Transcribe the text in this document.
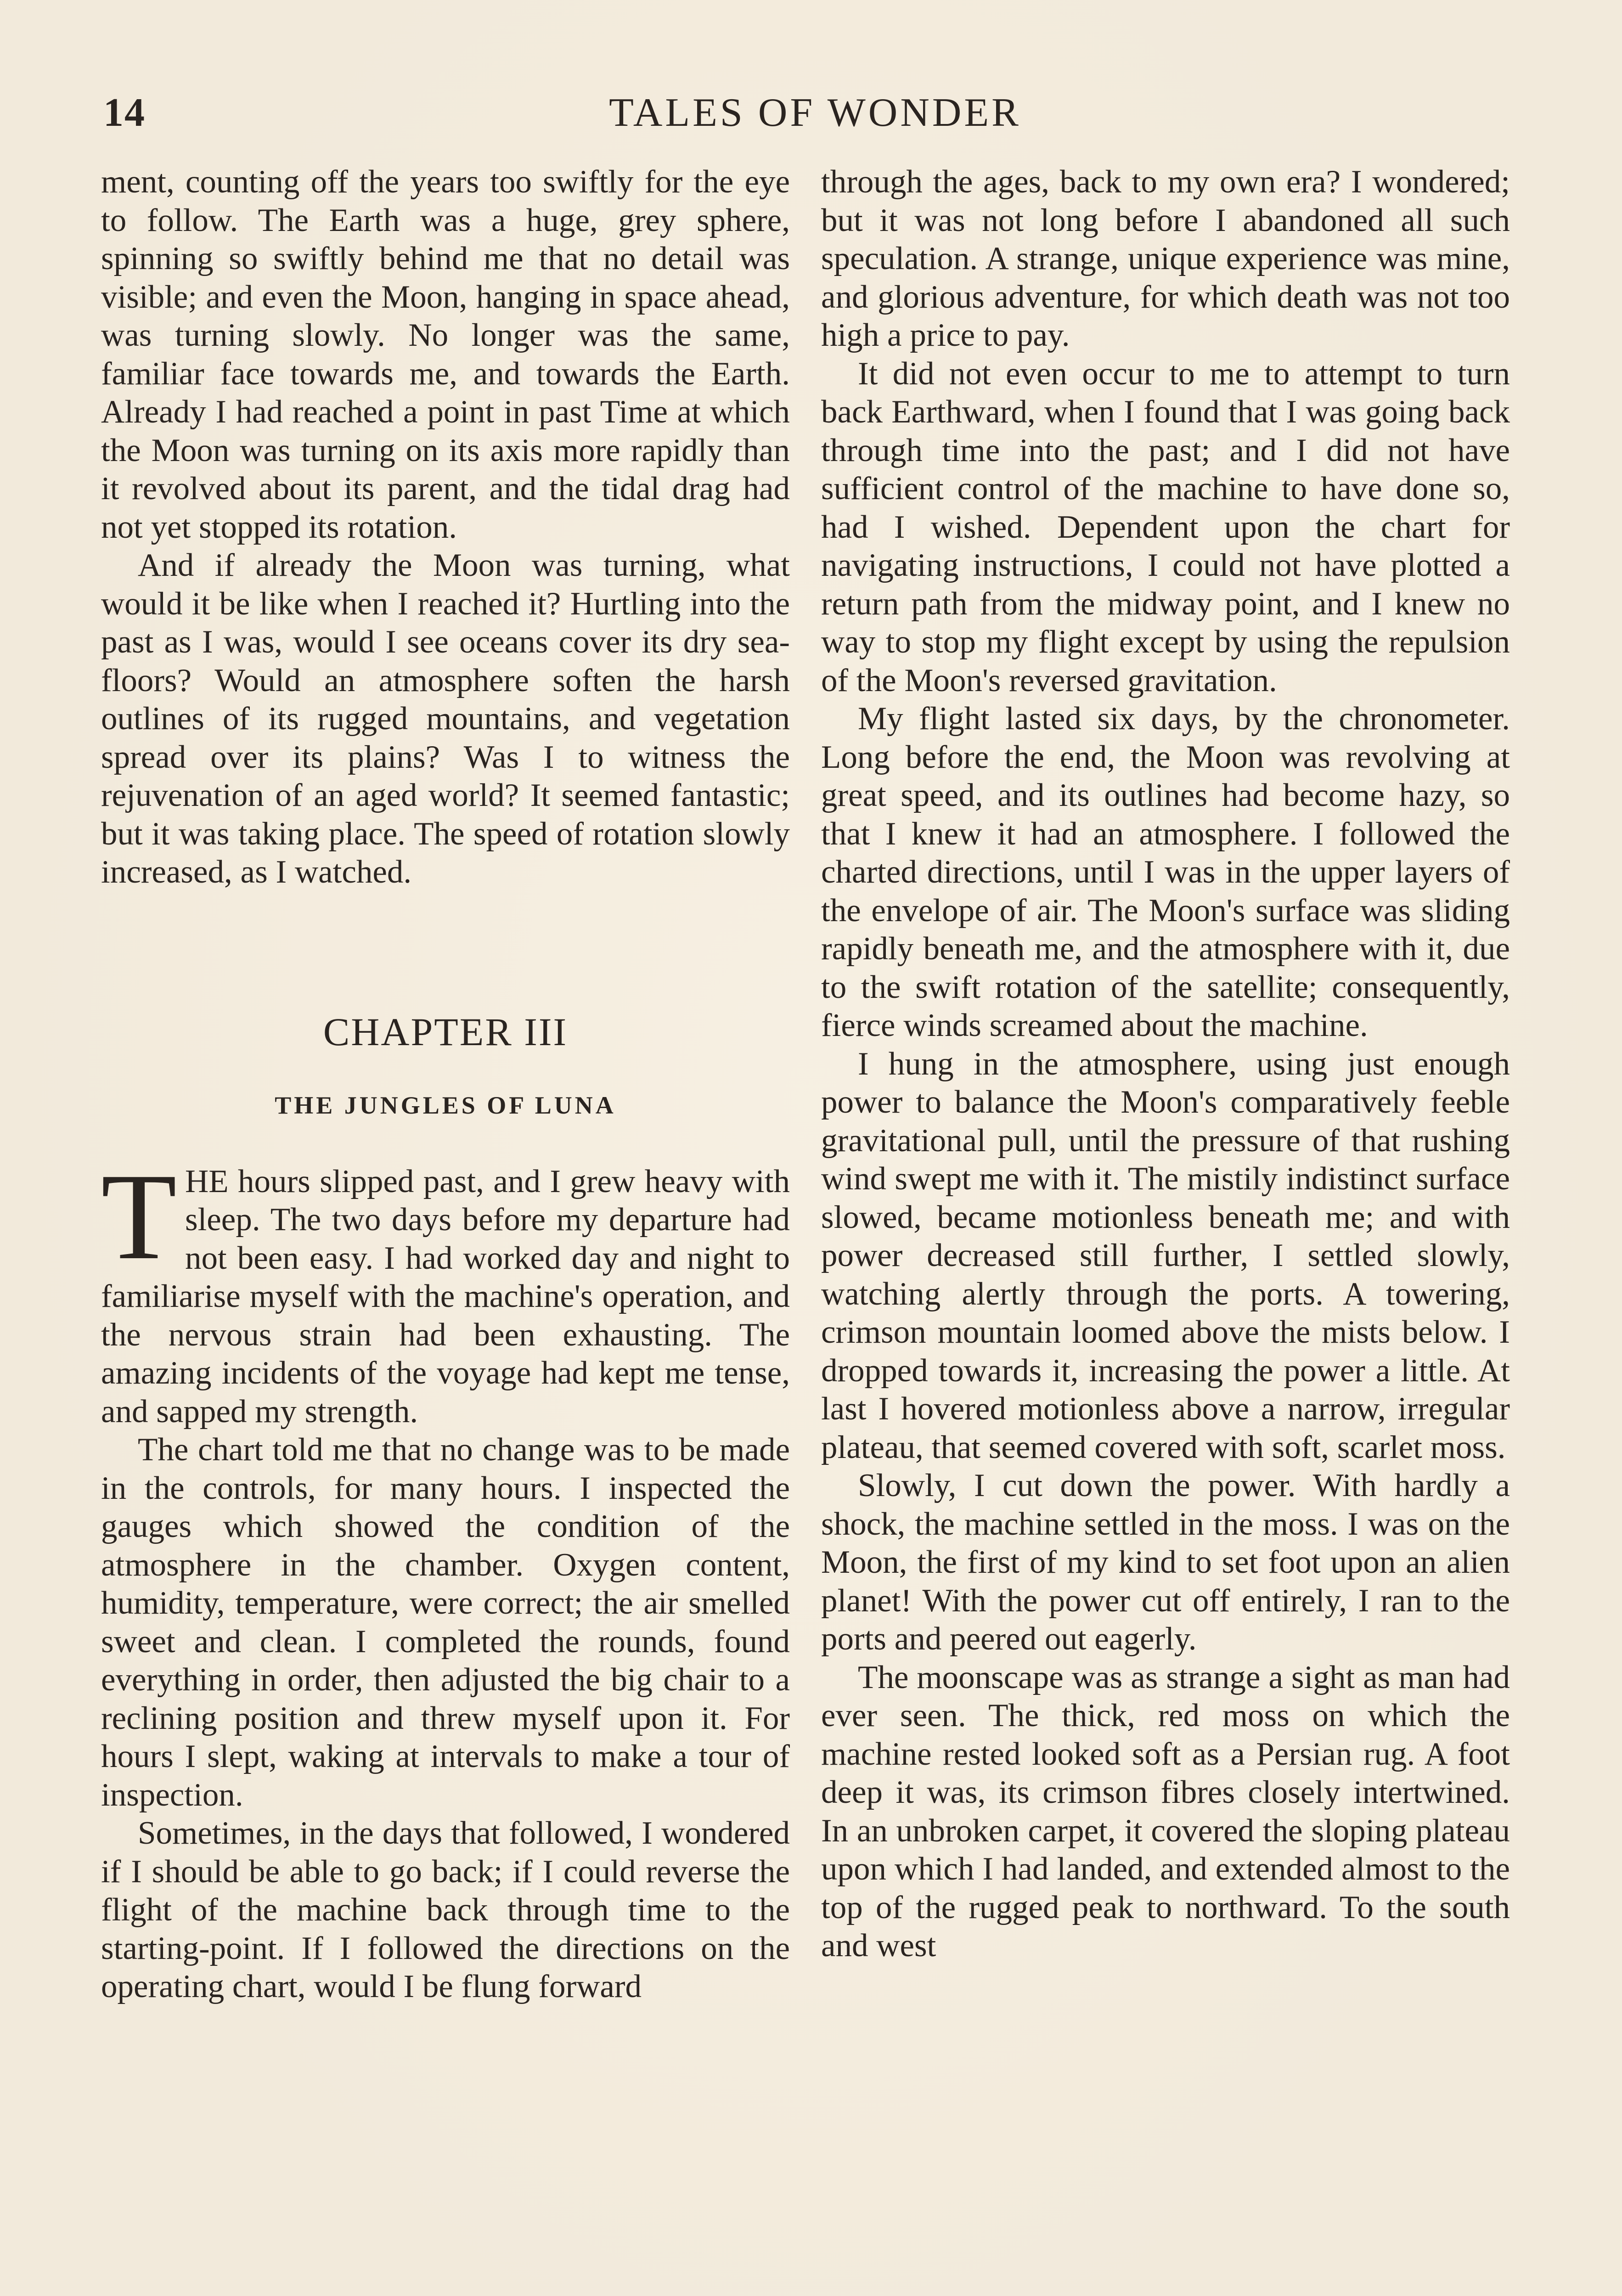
14	TALES OF WONDER

ment, counting off the years too swiftly for the eye to follow. The Earth was a huge, grey sphere, spinning so swiftly behind me that no detail was visible; and even the Moon, hanging in space ahead, was turning slowly. No longer was the same, familiar face towards me, and towards the Earth. Already I had reached a point in past Time at which the Moon was turning on its axis more rapidly than it revolved about its parent, and the tidal drag had not yet stopped its rotation.

And if already the Moon was turning, what would it be like when I reached it? Hurtling into the past as I was, would I see oceans cover its dry sea-floors? Would an atmosphere soften the harsh outlines of its rugged mountains, and vegetation spread over its plains? Was I to witness the rejuvenation of an aged world? It seemed fantastic; but it was taking place. The speed of rotation slowly increased, as I watched.

CHAPTER III
THE JUNGLES OF LUNA

THE hours slipped past, and I grew heavy with sleep. The two days before my departure had not been easy. I had worked day and night to familiarise myself with the machine's operation, and the nervous strain had been exhausting. The amazing incidents of the voyage had kept me tense, and sapped my strength.

The chart told me that no change was to be made in the controls, for many hours. I inspected the gauges which showed the condition of the atmosphere in the chamber. Oxygen content, humidity, temperature, were correct; the air smelled sweet and clean. I completed the rounds, found everything in order, then adjusted the big chair to a reclining position and threw myself upon it. For hours I slept, waking at intervals to make a tour of inspection.

Sometimes, in the days that followed, I wondered if I should be able to go back; if I could reverse the flight of the machine back through time to the starting-point. If I followed the directions on the operating chart, would I be flung forward

through the ages, back to my own era? I wondered; but it was not long before I abandoned all such speculation. A strange, unique experience was mine, and glorious adventure, for which death was not too high a price to pay.

It did not even occur to me to attempt to turn back Earthward, when I found that I was going back through time into the past; and I did not have sufficient control of the machine to have done so, had I wished. Dependent upon the chart for navigating instructions, I could not have plotted a return path from the midway point, and I knew no way to stop my flight except by using the repulsion of the Moon's reversed gravitation.

My flight lasted six days, by the chronometer. Long before the end, the Moon was revolving at great speed, and its outlines had become hazy, so that I knew it had an atmosphere. I followed the charted directions, until I was in the upper layers of the envelope of air. The Moon's surface was sliding rapidly beneath me, and the atmosphere with it, due to the swift rotation of the satellite; consequently, fierce winds screamed about the machine.

I hung in the atmosphere, using just enough power to balance the Moon's comparatively feeble gravitational pull, until the pressure of that rushing wind swept me with it. The mistily indistinct surface slowed, became motionless beneath me; and with power decreased still further, I settled slowly, watching alertly through the ports. A towering, crimson mountain loomed above the mists below. I dropped towards it, increasing the power a little. At last I hovered motionless above a narrow, irregular plateau, that seemed covered with soft, scarlet moss.

Slowly, I cut down the power. With hardly a shock, the machine settled in the moss. I was on the Moon, the first of my kind to set foot upon an alien planet! With the power cut off entirely, I ran to the ports and peered out eagerly.

The moonscape was as strange a sight as man had ever seen. The thick, red moss on which the machine rested looked soft as a Persian rug. A foot deep it was, its crimson fibres closely intertwined. In an unbroken carpet, it covered the sloping plateau upon which I had landed, and extended almost to the top of the rugged peak to northward. To the south and west
